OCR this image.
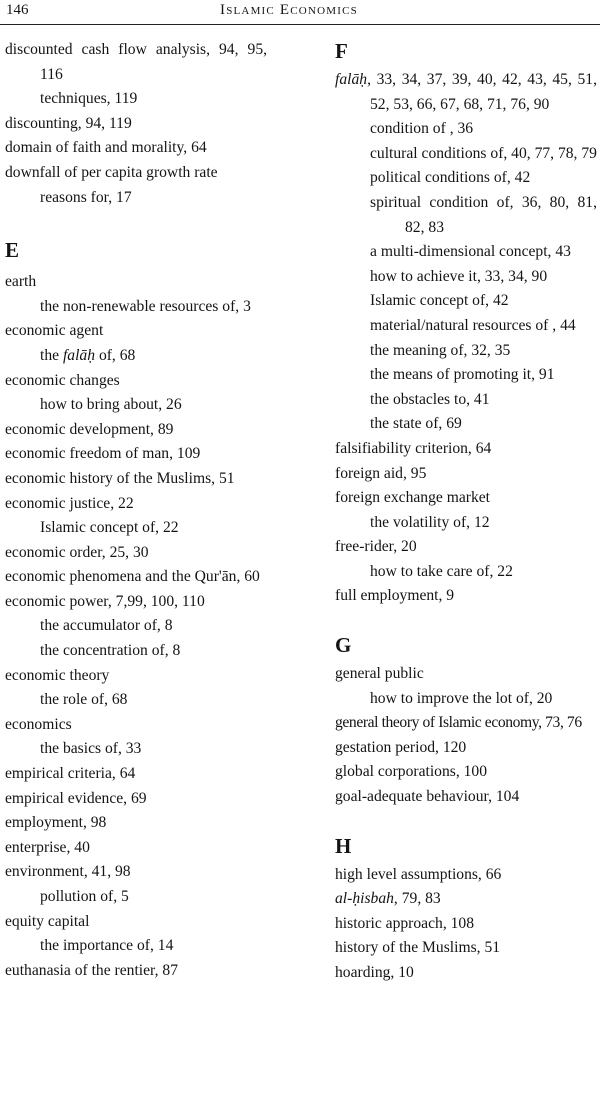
146	Islamic Economics
discounted cash flow analysis, 94, 95, 116
techniques, 119
discounting, 94, 119
domain of faith and morality, 64
downfall of per capita growth rate
reasons for, 17
E
earth
the non-renewable resources of, 3
economic agent
the falāḥ of, 68
economic changes
how to bring about, 26
economic development, 89
economic freedom of man, 109
economic history of the Muslims, 51
economic justice, 22
Islamic concept of, 22
economic order, 25, 30
economic phenomena and the Qur'ān, 60
economic power, 7,99, 100, 110
the accumulator of, 8
the concentration of, 8
economic theory
the role of, 68
economics
the basics of, 33
empirical criteria, 64
empirical evidence, 69
employment, 98
enterprise, 40
environment, 41, 98
pollution of, 5
equity capital
the importance of, 14
euthanasia of the rentier, 87
F
falāḥ, 33, 34, 37, 39, 40, 42, 43, 45, 51, 52, 53, 66, 67, 68, 71, 76, 90
condition of , 36
cultural conditions of, 40, 77, 78, 79
political conditions of, 42
spiritual condition of, 36, 80, 81, 82, 83
a multi-dimensional concept, 43
how to achieve it, 33, 34, 90
Islamic concept of, 42
material/natural resources of , 44
the meaning of, 32, 35
the means of promoting it, 91
the obstacles to, 41
the state of, 69
falsifiability criterion, 64
foreign aid, 95
foreign exchange market
the volatility of, 12
free-rider, 20
how to take care of, 22
full employment, 9
G
general public
how to improve the lot of, 20
general theory of Islamic economy, 73, 76
gestation period, 120
global corporations, 100
goal-adequate behaviour, 104
H
high level assumptions, 66
al-ḥisbah, 79, 83
historic approach, 108
history of the Muslims, 51
hoarding, 10
